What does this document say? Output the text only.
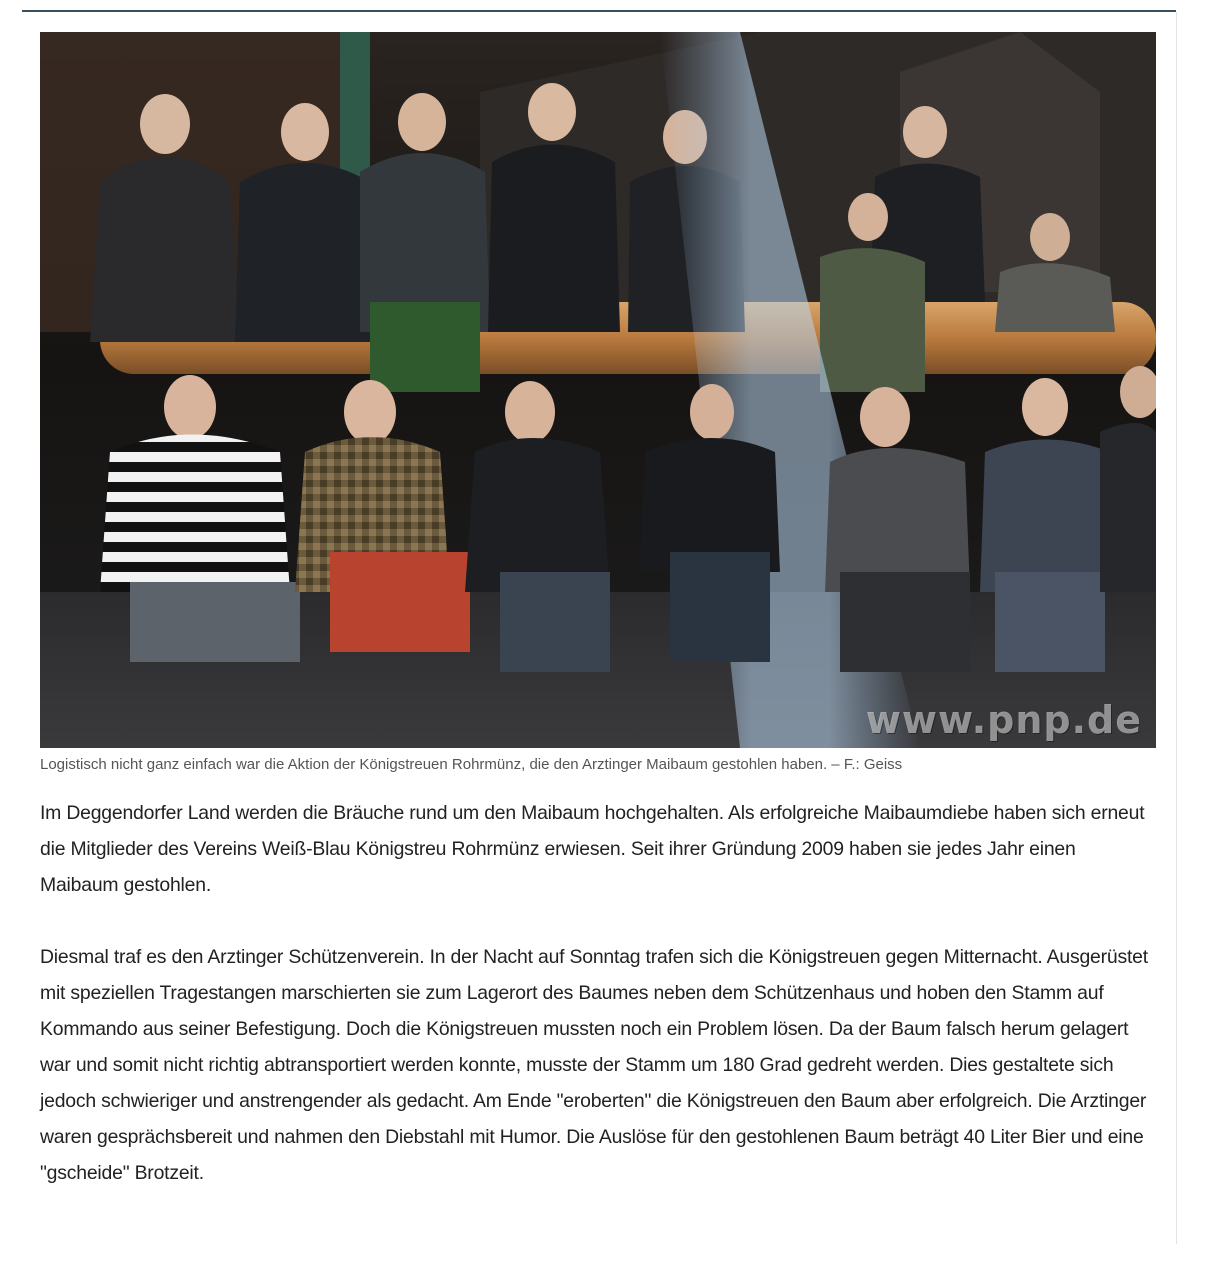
www.pnp.de
Logistisch nicht ganz einfach war die Aktion der Königstreuen Rohrmünz, die den Arztinger Maibaum gestohlen haben. – F.: Geiss

Im Deggendorfer Land werden die Bräuche rund um den Maibaum hochgehalten. Als erfolgreiche Maibaumdiebe haben sich erneut die Mitglieder des Vereins Weiß-Blau Königstreu Rohrmünz erwiesen. Seit ihrer Gründung 2009 haben sie jedes Jahr einen Maibaum gestohlen.

Diesmal traf es den Arztinger Schützenverein. In der Nacht auf Sonntag trafen sich die Königstreuen gegen Mitternacht. Ausgerüstet mit speziellen Tragestangen marschierten sie zum Lagerort des Baumes neben dem Schützenhaus und hoben den Stamm auf Kommando aus seiner Befestigung. Doch die Königstreuen mussten noch ein Problem lösen. Da der Baum falsch herum gelagert war und somit nicht richtig abtransportiert werden konnte, musste der Stamm um 180 Grad gedreht werden. Dies gestaltete sich jedoch schwieriger und anstrengender als gedacht. Am Ende "eroberten" die Königstreuen den Baum aber erfolgreich. Die Arztinger waren gesprächsbereit und nahmen den Diebstahl mit Humor. Die Auslöse für den gestohlenen Baum beträgt 40 Liter Bier und eine "gscheide" Brotzeit.
